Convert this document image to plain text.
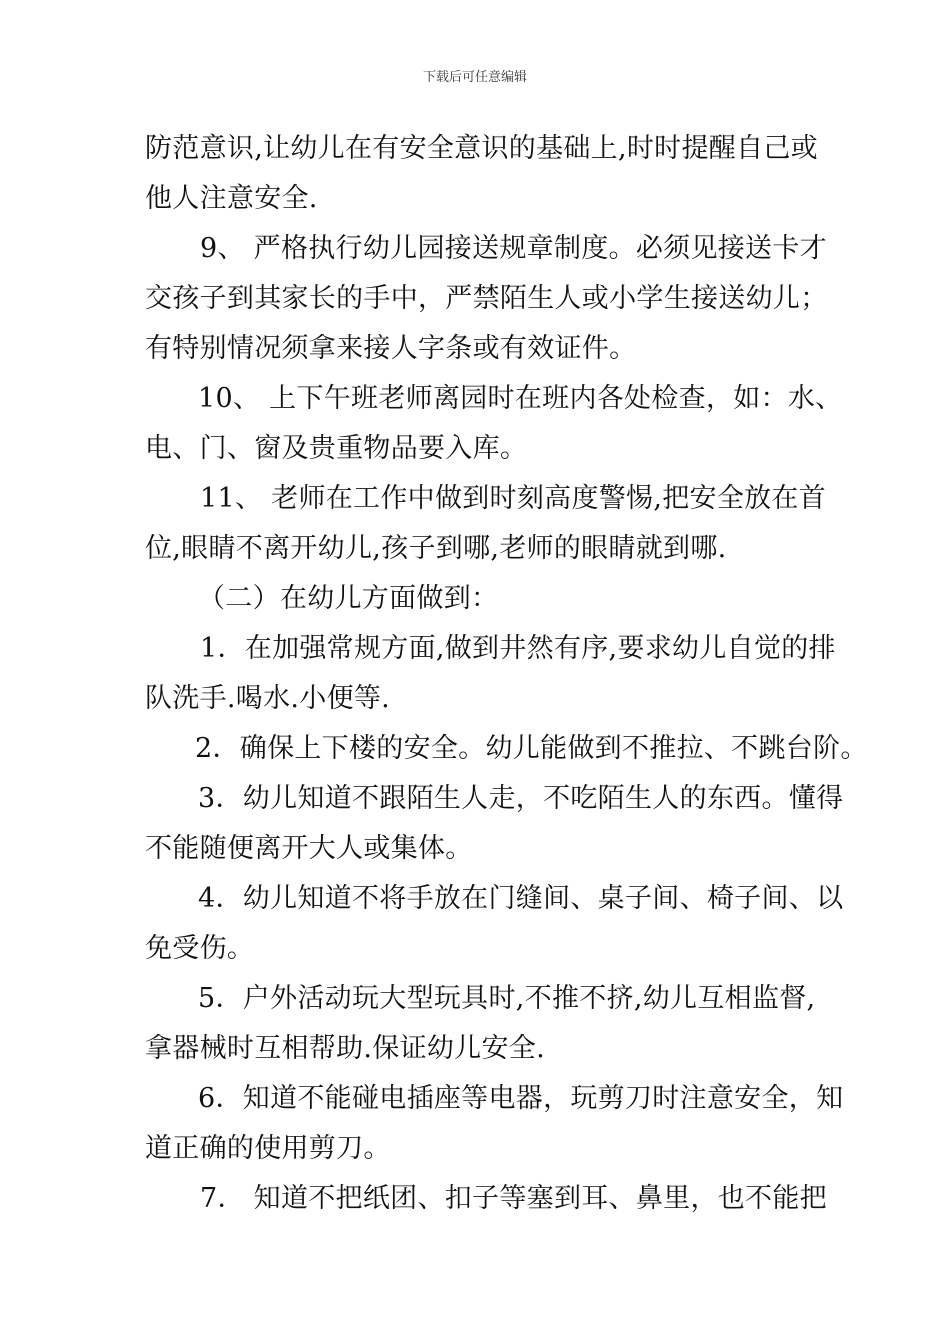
下载后可任意编辑
防范意识,让幼儿在有安全意识的基础上,时时提醒自己或
他人注意安全.
9、 严格执行幼儿园接送规章制度。必须见接送卡才
交孩子到其家长的手中，严禁陌生人或小学生接送幼儿；
有特别情况须拿来接人字条或有效证件。
10、 上下午班老师离园时在班内各处检查，如：水、
电、门、窗及贵重物品要入库。
11、 老师在工作中做到时刻高度警惕,把安全放在首
位,眼睛不离开幼儿,孩子到哪,老师的眼睛就到哪.
（二）在幼儿方面做到：
1．在加强常规方面,做到井然有序,要求幼儿自觉的排
队洗手.喝水.小便等.
2．确保上下楼的安全。幼儿能做到不推拉、不跳台阶。
3．幼儿知道不跟陌生人走，不吃陌生人的东西。懂得
不能随便离开大人或集体。
4．幼儿知道不将手放在门缝间、桌子间、椅子间、以
免受伤。
5．户外活动玩大型玩具时,不推不挤,幼儿互相监督,
拿器械时互相帮助.保证幼儿安全.
6．知道不能碰电插座等电器，玩剪刀时注意安全，知
道正确的使用剪刀。
7． 知道不把纸团、扣子等塞到耳、鼻里，也不能把
